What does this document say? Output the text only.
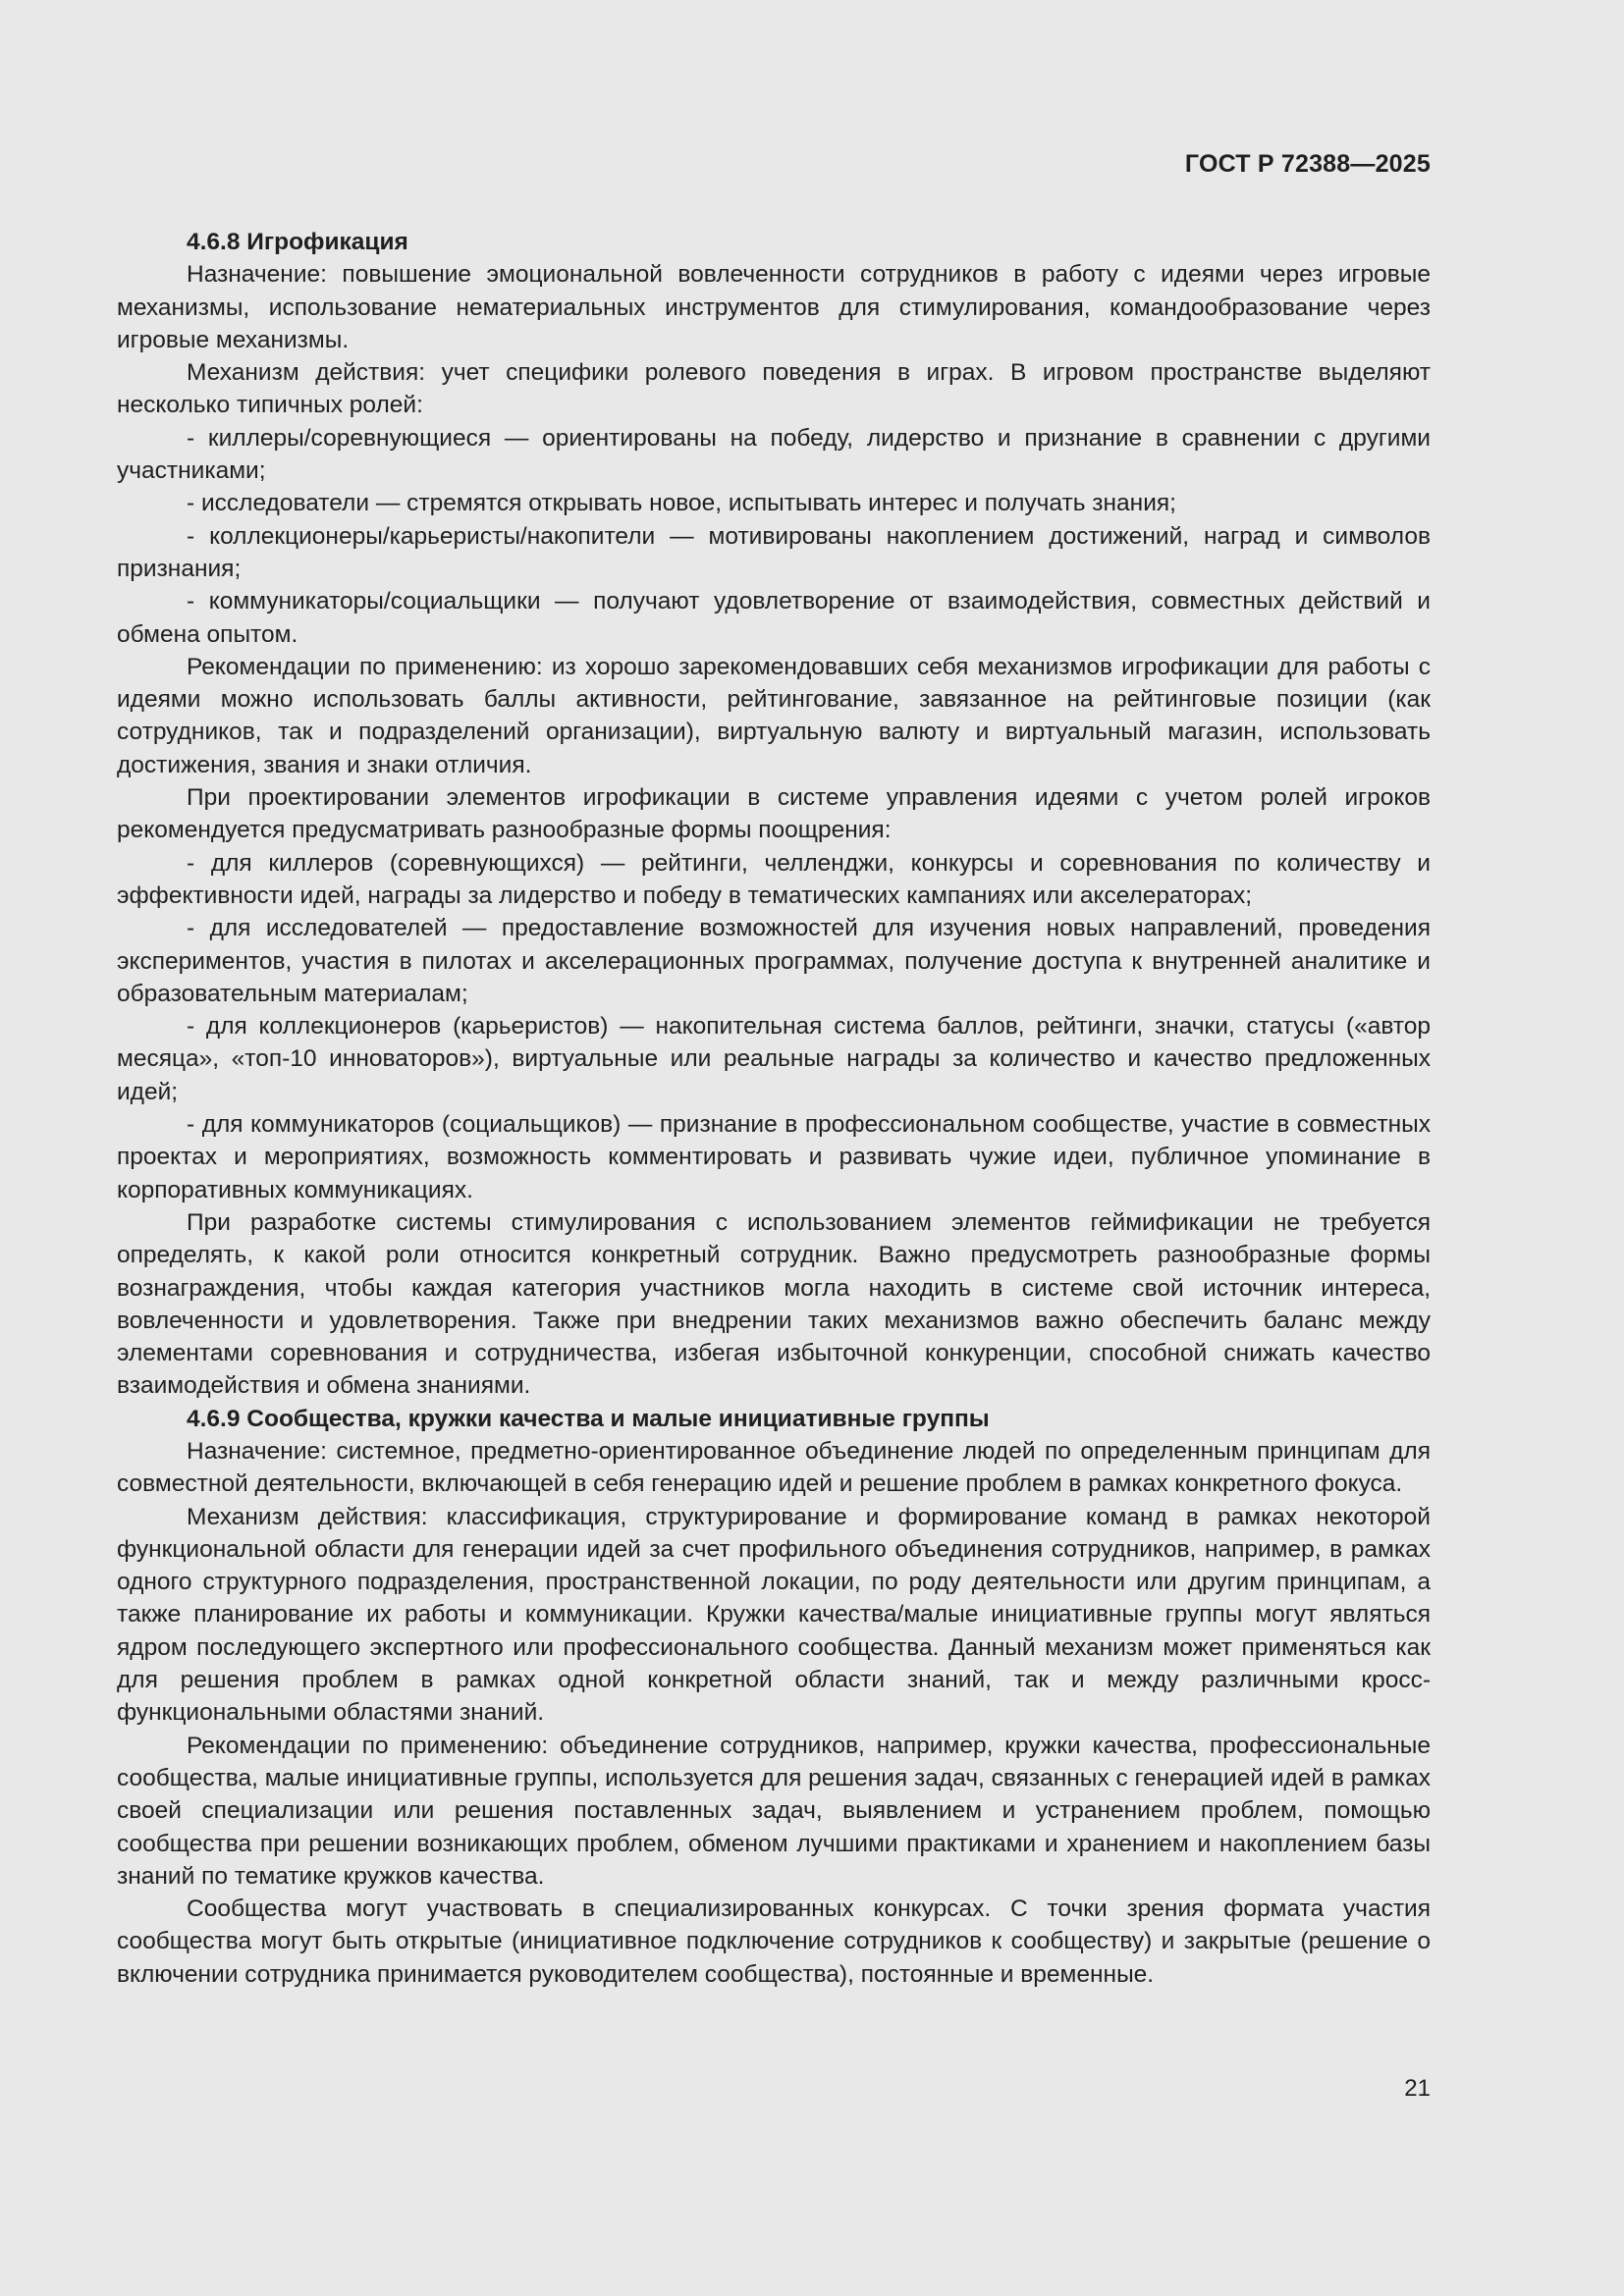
ГОСТ Р 72388—2025
4.6.8 Игрофикация

Назначение: повышение эмоциональной вовлеченности сотрудников в работу с идеями через игровые механизмы, использование нематериальных инструментов для стимулирования, командообразование через игровые механизмы.

Механизм действия: учет специфики ролевого поведения в играх. В игровом пространстве выделяют несколько типичных ролей:

- киллеры/соревнующиеся — ориентированы на победу, лидерство и признание в сравнении с другими участниками;

- исследователи — стремятся открывать новое, испытывать интерес и получать знания;

- коллекционеры/карьеристы/накопители — мотивированы накоплением достижений, наград и символов признания;

- коммуникаторы/социальщики — получают удовлетворение от взаимодействия, совместных действий и обмена опытом.

Рекомендации по применению: из хорошо зарекомендовавших себя механизмов игрофикации для работы с идеями можно использовать баллы активности, рейтингование, завязанное на рейтинговые позиции (как сотрудников, так и подразделений организации), виртуальную валюту и виртуальный магазин, использовать достижения, звания и знаки отличия.

При проектировании элементов игрофикации в системе управления идеями с учетом ролей игроков рекомендуется предусматривать разнообразные формы поощрения:

- для киллеров (соревнующихся) — рейтинги, челленджи, конкурсы и соревнования по количеству и эффективности идей, награды за лидерство и победу в тематических кампаниях или акселераторах;

- для исследователей — предоставление возможностей для изучения новых направлений, проведения экспериментов, участия в пилотах и акселерационных программах, получение доступа к внутренней аналитике и образовательным материалам;

- для коллекционеров (карьеристов) — накопительная система баллов, рейтинги, значки, статусы («автор месяца», «топ-10 инноваторов»), виртуальные или реальные награды за количество и качество предложенных идей;

- для коммуникаторов (социальщиков) — признание в профессиональном сообществе, участие в совместных проектах и мероприятиях, возможность комментировать и развивать чужие идеи, публичное упоминание в корпоративных коммуникациях.

При разработке системы стимулирования с использованием элементов геймификации не требуется определять, к какой роли относится конкретный сотрудник. Важно предусмотреть разнообразные формы вознаграждения, чтобы каждая категория участников могла находить в системе свой источник интереса, вовлеченности и удовлетворения. Также при внедрении таких механизмов важно обеспечить баланс между элементами соревнования и сотрудничества, избегая избыточной конкуренции, способной снижать качество взаимодействия и обмена знаниями.

4.6.9 Сообщества, кружки качества и малые инициативные группы

Назначение: системное, предметно-ориентированное объединение людей по определенным принципам для совместной деятельности, включающей в себя генерацию идей и решение проблем в рамках конкретного фокуса.

Механизм действия: классификация, структурирование и формирование команд в рамках некоторой функциональной области для генерации идей за счет профильного объединения сотрудников, например, в рамках одного структурного подразделения, пространственной локации, по роду деятельности или другим принципам, а также планирование их работы и коммуникации. Кружки качества/малые инициативные группы могут являться ядром последующего экспертного или профессионального сообщества. Данный механизм может применяться как для решения проблем в рамках одной конкретной области знаний, так и между различными кросс-функциональными областями знаний.

Рекомендации по применению: объединение сотрудников, например, кружки качества, профессиональные сообщества, малые инициативные группы, используется для решения задач, связанных с генерацией идей в рамках своей специализации или решения поставленных задач, выявлением и устранением проблем, помощью сообщества при решении возникающих проблем, обменом лучшими практиками и хранением и накоплением базы знаний по тематике кружков качества.

Сообщества могут участвовать в специализированных конкурсах. С точки зрения формата участия сообщества могут быть открытые (инициативное подключение сотрудников к сообществу) и закрытые (решение о включении сотрудника принимается руководителем сообщества), постоянные и временные.

21
